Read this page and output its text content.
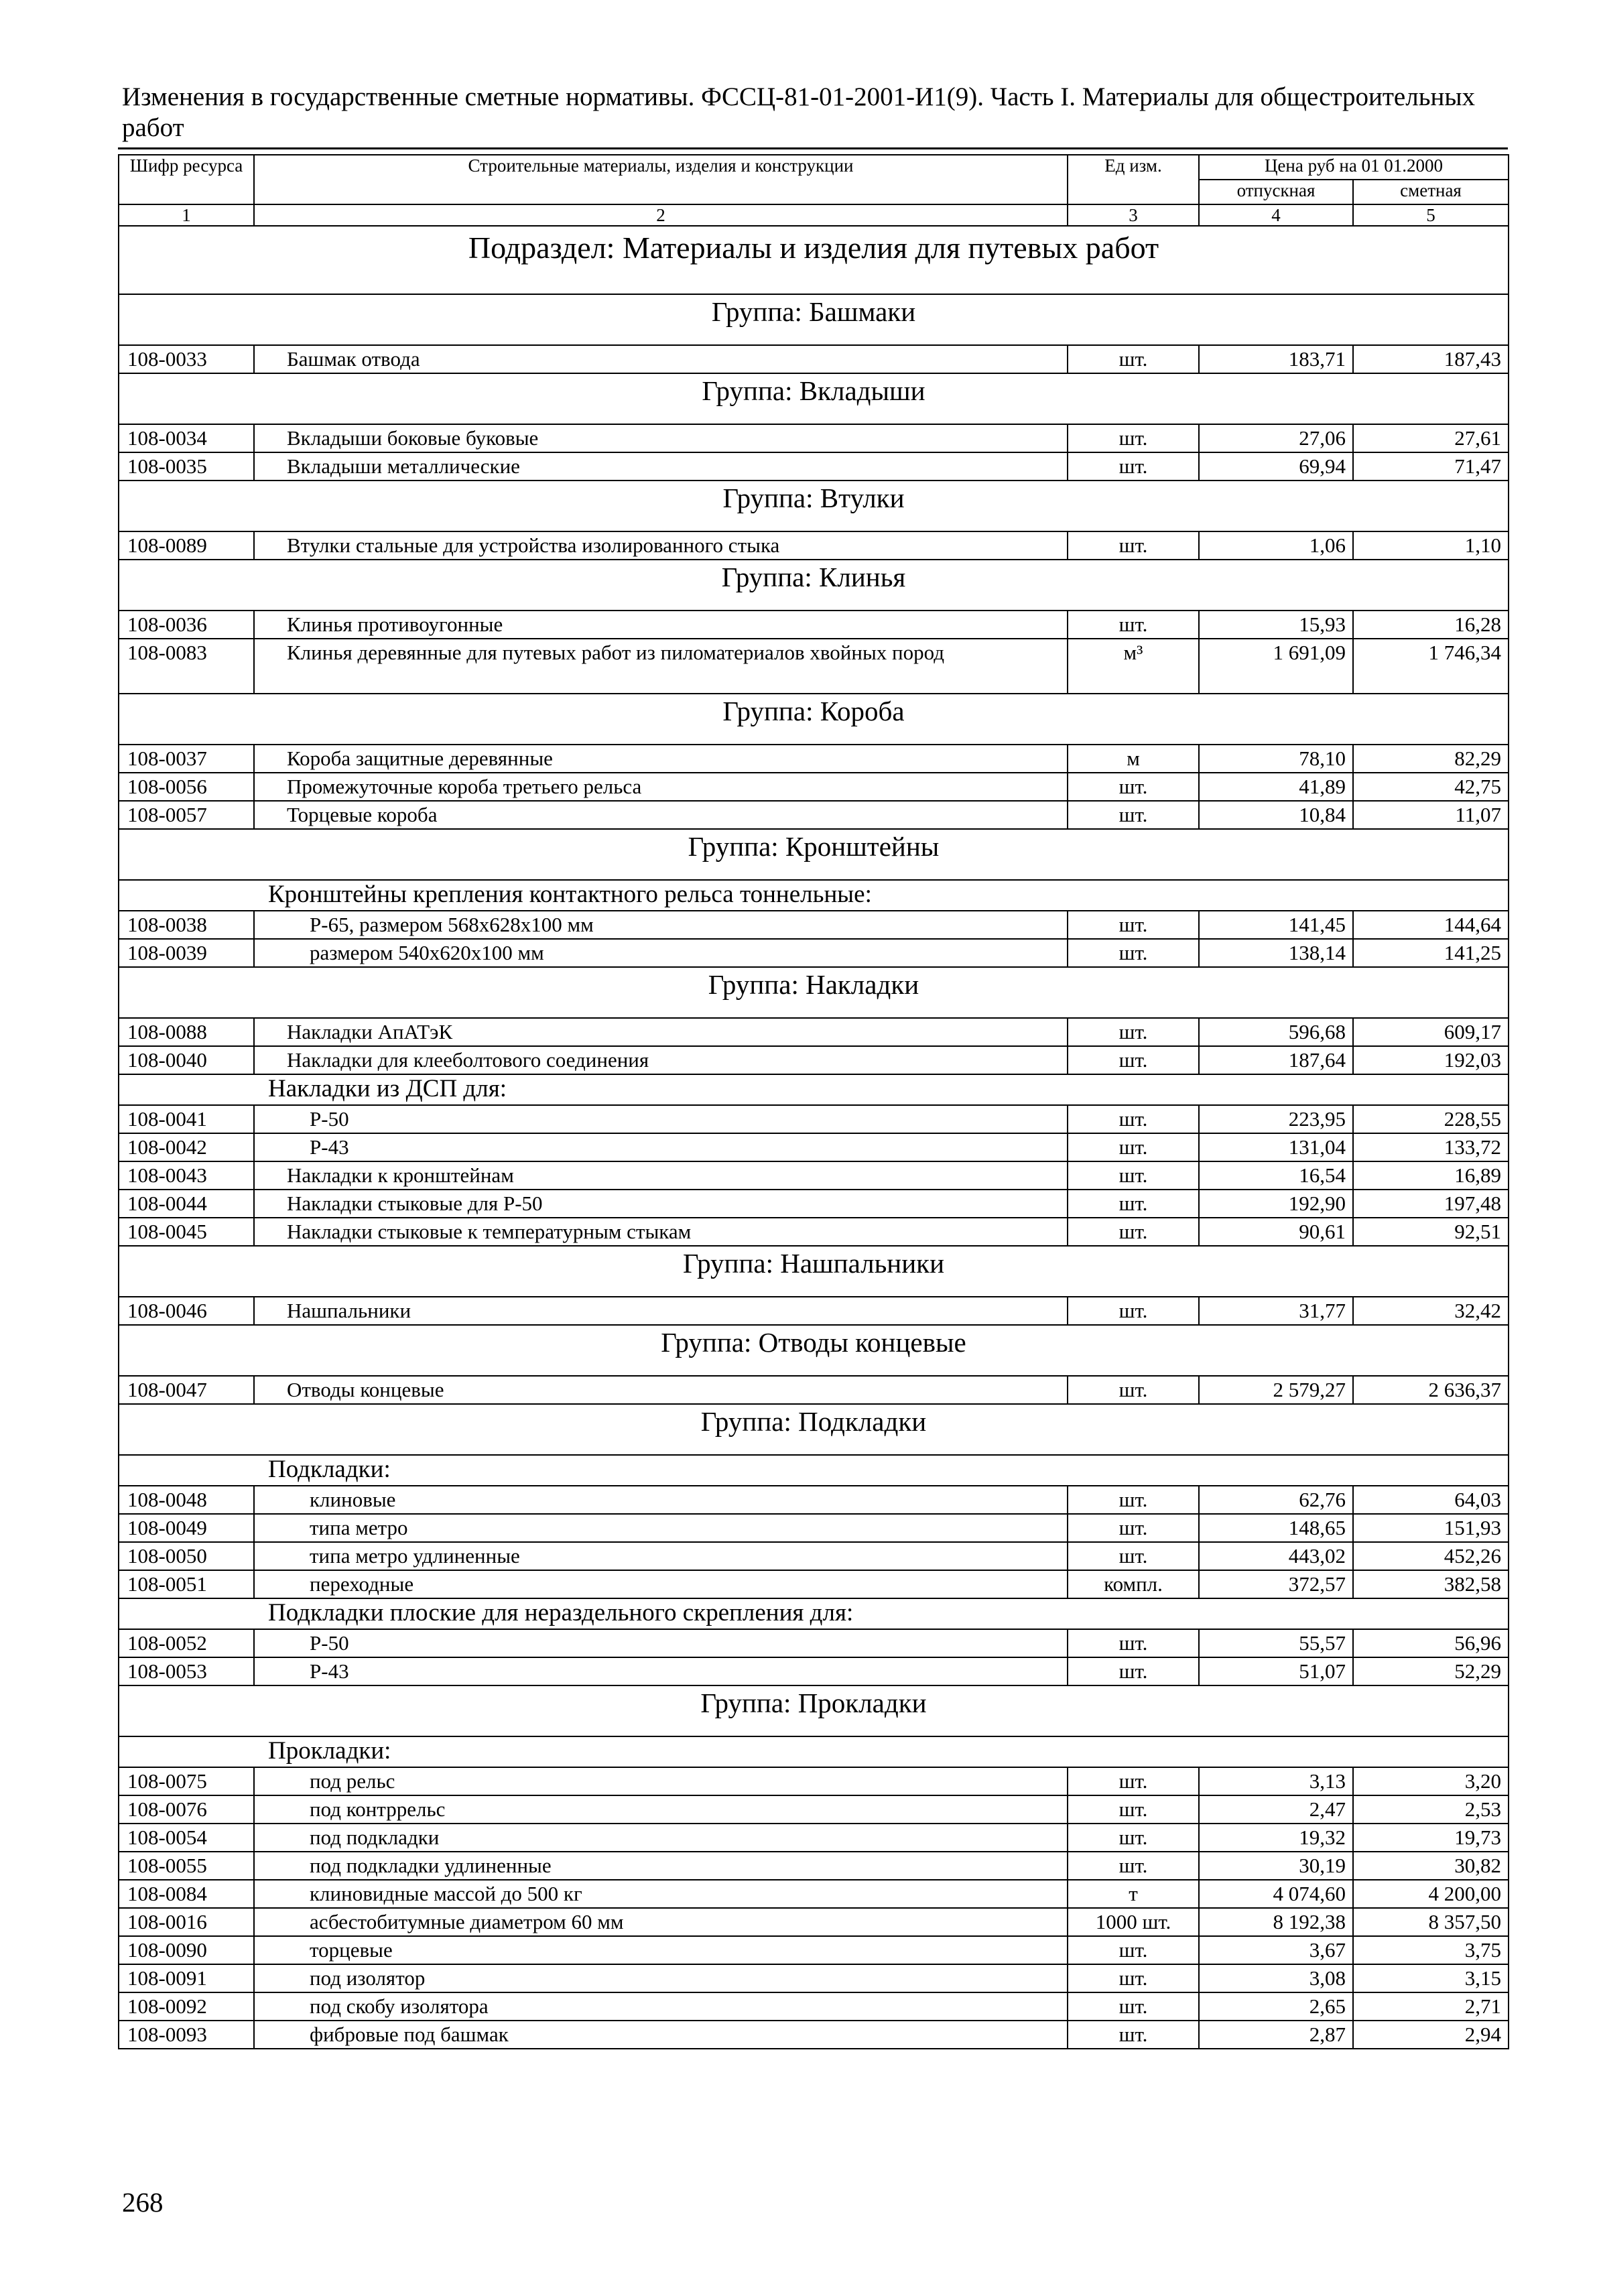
Изменения в государственные сметные нормативы. ФССЦ-81-01-2001-И1(9). Часть I. Материалы для общестроительных работ
Шифр ресурса	Строительные материалы, изделия и конструкции	Ед изм.	Цена руб на 01 01.2000	
			отпускная	сметная
1	2	3	4	5
Подраздел: Материалы и изделия для путевых работ				
Группа: Башмаки				
108-0033	Башмак отвода	шт.	183,71	187,43
Группа: Вкладыши				
108-0034	Вкладыши боковые буковые	шт.	27,06	27,61
108-0035	Вкладыши металлические	шт.	69,94	71,47
Группа: Втулки				
108-0089	Втулки стальные для устройства изолированного стыка	шт.	1,06	1,10
Группа: Клинья				
108-0036	Клинья противоугонные	шт.	15,93	16,28
108-0083	Клинья деревянные для путевых работ из пиломатериалов хвойных пород	м³	1 691,09	1 746,34
Группа: Короба				
108-0037	Короба защитные деревянные	м	78,10	82,29
108-0056	Промежуточные короба третьего рельса	шт.	41,89	42,75
108-0057	Торцевые короба	шт.	10,84	11,07
Группа: Кронштейны				
Кронштейны крепления контактного рельса тоннельные:				
108-0038	Р-65, размером 568х628х100 мм	шт.	141,45	144,64
108-0039	размером 540х620х100 мм	шт.	138,14	141,25
Группа: Накладки				
108-0088	Накладки АпАТэК	шт.	596,68	609,17
108-0040	Накладки для клееболтового соединения	шт.	187,64	192,03
Накладки из ДСП для:				
108-0041	Р-50	шт.	223,95	228,55
108-0042	Р-43	шт.	131,04	133,72
108-0043	Накладки к кронштейнам	шт.	16,54	16,89
108-0044	Накладки стыковые для Р-50	шт.	192,90	197,48
108-0045	Накладки стыковые к температурным стыкам	шт.	90,61	92,51
Группа: Нашпальники				
108-0046	Нашпальники	шт.	31,77	32,42
Группа: Отводы концевые				
108-0047	Отводы концевые	шт.	2 579,27	2 636,37
Группа: Подкладки				
Подкладки:				
108-0048	клиновые	шт.	62,76	64,03
108-0049	типа метро	шт.	148,65	151,93
108-0050	типа метро удлиненные	шт.	443,02	452,26
108-0051	переходные	компл.	372,57	382,58
Подкладки плоские для нераздельного скрепления для:				
108-0052	Р-50	шт.	55,57	56,96
108-0053	Р-43	шт.	51,07	52,29
Группа: Прокладки				
Прокладки:				
108-0075	под рельс	шт.	3,13	3,20
108-0076	под контррельс	шт.	2,47	2,53
108-0054	под подкладки	шт.	19,32	19,73
108-0055	под подкладки удлиненные	шт.	30,19	30,82
108-0084	клиновидные массой до 500 кг	т	4 074,60	4 200,00
108-0016	асбестобитумные диаметром 60 мм	1000 шт.	8 192,38	8 357,50
108-0090	торцевые	шт.	3,67	3,75
108-0091	под изолятор	шт.	3,08	3,15
108-0092	под скобу изолятора	шт.	2,65	2,71
108-0093	фибровые под башмак	шт.	2,87	2,94
268
